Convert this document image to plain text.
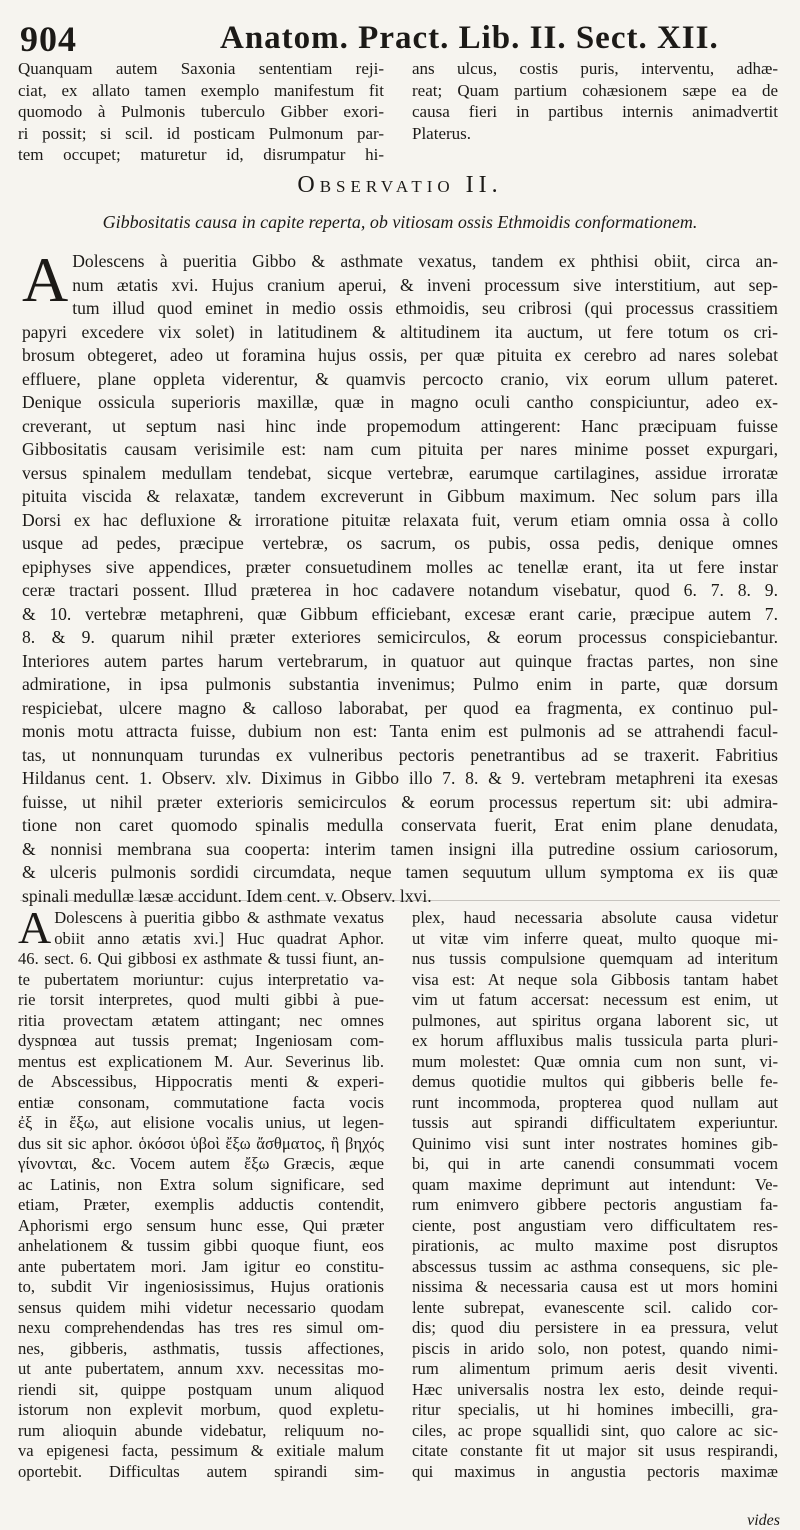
904	Anatom. Pract. Lib. II. Sect. XII.
Quanquam autem Saxonia sententiam reji-
ciat, ex allato tamen exemplo manifestum fit
quomodo à Pulmonis tuberculo Gibber exori-
ri possit; si scil. id posticam Pulmonum par-
tem occupet; maturetur id, disrumpatur hi-
ans ulcus, costis puris, interventu, adhæ-
reat; Quam partium cohæsionem sæpe ea de
causa fieri in partibus internis animadvertit
Platerus.
Observatio II.
Gibbositatis causa in capite reperta, ob vitiosam ossis Ethmoidis conformationem.
A Dolescens à pueritia Gibbo & asthmate vexatus, tandem ex phthisi obiit, circa an-
num ætatis xvi. Hujus cranium aperui, & inveni processum sive interstitium, aut sep-
tum illud quod eminet in medio ossis ethmoidis, seu cribrosi (qui processus crassitiem
papyri excedere vix solet) in latitudinem & altitudinem ita auctum, ut fere totum os cri-
brosum obtegeret, adeo ut foramina hujus ossis, per quæ pituita ex cerebro ad nares solebat
effluere, plane oppleta viderentur, & quamvis percocto cranio, vix eorum ullum pateret.
Denique ossicula superioris maxillæ, quæ in magno oculi cantho conspiciuntur, adeo ex-
creverant, ut septum nasi hinc inde propemodum attingerent: Hanc præcipuam fuisse
Gibbositatis causam verisimile est: nam cum pituita per nares minime posset expurgari,
versus spinalem medullam tendebat, sicque vertebræ, earumque cartilagines, assidue irroratæ
pituita viscida & relaxatæ, tandem excreverunt in Gibbum maximum. Nec solum pars illa
Dorsi ex hac defluxione & irroratione pituitæ relaxata fuit, verum etiam omnia ossa à collo
usque ad pedes, præcipue vertebræ, os sacrum, os pubis, ossa pedis, denique omnes
epiphyses sive appendices, præter consuetudinem molles ac tenellæ erant, ita ut fere instar
ceræ tractari possent. Illud præterea in hoc cadavere notandum visebatur, quod 6. 7. 8. 9.
& 10. vertebræ metaphreni, quæ Gibbum efficiebant, excesæ erant carie, præcipue autem 7.
8. & 9. quarum nihil præter exteriores semicirculos, & eorum processus conspiciebantur.
Interiores autem partes harum vertebrarum, in quatuor aut quinque fractas partes, non sine
admiratione, in ipsa pulmonis substantia invenimus; Pulmo enim in parte, quæ dorsum
respiciebat, ulcere magno & calloso laborabat, per quod ea fragmenta, ex continuo pul-
monis motu attracta fuisse, dubium non est: Tanta enim est pulmonis ad se attrahendi facul-
tas, ut nonnunquam turundas ex vulneribus pectoris penetrantibus ad se traxerit. Fabritius
Hildanus cent. 1. Observ. xlv. Diximus in Gibbo illo 7. 8. & 9. vertebram metaphreni ita exesas
fuisse, ut nihil præter exterioris semicirculos & eorum processus repertum sit: ubi admira-
tione non caret quomodo spinalis medulla conservata fuerit, Erat enim plane denudata,
& nonnisi membrana sua cooperta: interim tamen insigni illa putredine ossium cariosorum,
& ulceris pulmonis sordidi circumdata, neque tamen sequutum ullum symptoma ex iis quæ
spinali medullæ læsæ accidunt. Idem cent. v. Observ. lxvi.
A Dolescens à pueritia gibbo & asthmate vexatus
obiit anno ætatis xvi.] Huc quadrat Aphor.
46. sect. 6. Qui gibbosi ex asthmate & tussi fiunt, an-
te pubertatem moriuntur: cujus interpretatio va-
rie torsit interpretes, quod multi gibbi à pue-
ritia provectam ætatem attingant; nec omnes
dyspnœa aut tussis premat; Ingeniosam com-
mentus est explicationem M. Aur. Severinus lib.
de Abscessibus, Hippocratis menti & experi-
entiæ consonam, commutatione facta vocis
ἐξ in ἔξω, aut elisione vocalis unius, ut legen-
dus sit sic aphor. ὁκόσοι ὑβοὶ ἔξω ἄσθματος, ἢ βηχός
γίνονται, &c. Vocem autem ἔξω Græcis, æque
ac Latinis, non Extra solum significare, sed
etiam, Præter, exemplis adductis contendit,
Aphorismi ergo sensum hunc esse, Qui præter
anhelationem & tussim gibbi quoque fiunt, eos
ante pubertatem mori. Jam igitur eo constitu-
to, subdit Vir ingeniosissimus, Hujus orationis
sensus quidem mihi videtur necessario quodam
nexu comprehendendas has tres res simul om-
nes, gibberis, asthmatis, tussis affectiones,
ut ante pubertatem, annum xxv. necessitas mo-
riendi sit, quippe postquam unum aliquod
istorum non explevit morbum, quod expletu-
rum alioquin abunde videbatur, reliquum no-
va epigenesi facta, pessimum & exitiale malum
oportebit. Difficultas autem spirandi sim-
plex, haud necessaria absolute causa videtur
ut vitæ vim inferre queat, multo quoque mi-
nus tussis compulsione quemquam ad interitum
visa est: At neque sola Gibbosis tantam habet
vim ut fatum accersat: necessum est enim, ut
pulmones, aut spiritus organa laborent sic, ut
ex horum affluxibus malis tussicula parta pluri-
mum molestet: Quæ omnia cum non sunt, vi-
demus quotidie multos qui gibberis belle fe-
runt incommoda, propterea quod nullam aut
tussis aut spirandi difficultatem experiuntur.
Quinimo visi sunt inter nostrates homines gib-
bi, qui in arte canendi consummati vocem
quam maxime deprimunt aut intendunt: Ve-
rum enimvero gibbere pectoris angustiam fa-
ciente, post angustiam vero difficultatem res-
pirationis, ac multo maxime post disruptos
abscessus tussim ac asthma consequens, sic ple-
nissima & necessaria causa est ut mors homini
lente subrepat, evanescente scil. calido cor-
dis; quod diu persistere in ea pressura, velut
piscis in arido solo, non potest, quando nimi-
rum alimentum primum aeris desit viventi.
Hæc universalis nostra lex esto, deinde requi-
ritur specialis, ut hi homines imbecilli, gra-
ciles, ac prope squallidi sint, quo calore ac sic-
citate constante fit ut major sit usus respirandi,
qui maximus in angustia pectoris maximæ
vides
